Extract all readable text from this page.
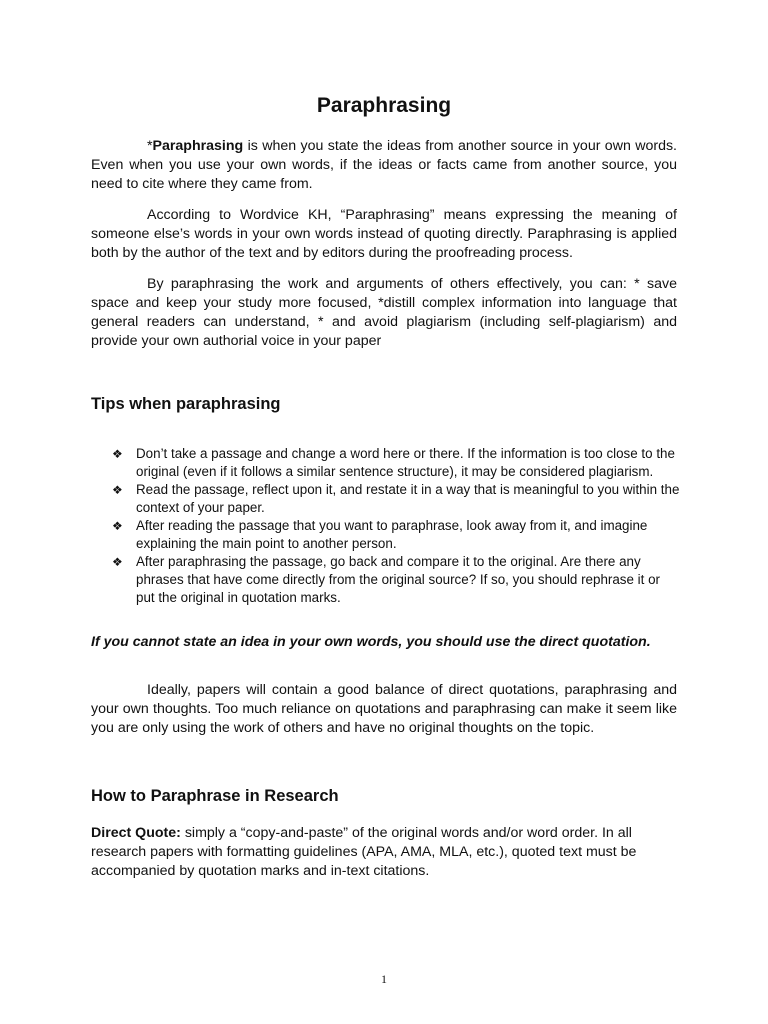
Paraphrasing

*Paraphrasing is when you state the ideas from another source in your own words. Even when you use your own words, if the ideas or facts came from another source, you need to cite where they came from.

According to Wordvice KH, “Paraphrasing” means expressing the meaning of someone else’s words in your own words instead of quoting directly. Paraphrasing is applied both by the author of the text and by editors during the proofreading process.

By paraphrasing the work and arguments of others effectively, you can: * save space and keep your study more focused, *distill complex information into language that general readers can understand, * and avoid plagiarism (including self-plagiarism) and provide your own authorial voice in your paper

Tips when paraphrasing
❖ Don’t take a passage and change a word here or there. If the information is too close to the original (even if it follows a similar sentence structure), it may be considered plagiarism.
❖ Read the passage, reflect upon it, and restate it in a way that is meaningful to you within the context of your paper.
❖ After reading the passage that you want to paraphrase, look away from it, and imagine explaining the main point to another person.
❖ After paraphrasing the passage, go back and compare it to the original. Are there any phrases that have come directly from the original source? If so, you should rephrase it or put the original in quotation marks.

If you cannot state an idea in your own words, you should use the direct quotation.

Ideally, papers will contain a good balance of direct quotations, paraphrasing and your own thoughts. Too much reliance on quotations and paraphrasing can make it seem like you are only using the work of others and have no original thoughts on the topic.

How to Paraphrase in Research

Direct Quote: simply a “copy-and-paste” of the original words and/or word order. In all research papers with formatting guidelines (APA, AMA, MLA, etc.), quoted text must be accompanied by quotation marks and in-text citations.

1
